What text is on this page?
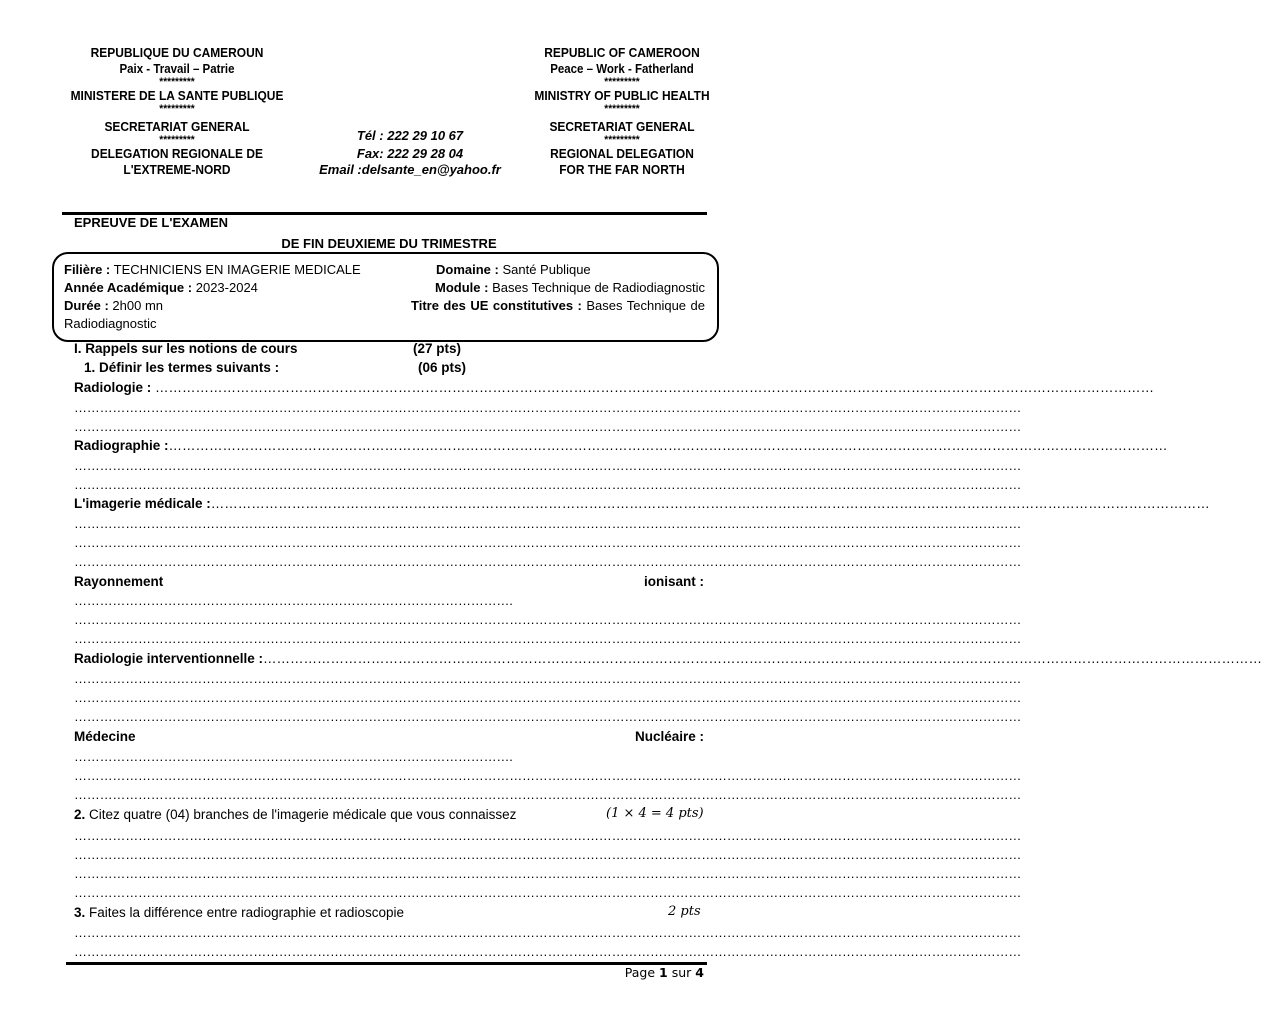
REPUBLIQUE DU CAMEROUN
Paix - Travail – Patrie
*********
MINISTERE DE LA SANTE PUBLIQUE
*********
SECRETARIAT GENERAL
*********
DELEGATION REGIONALE DE
L'EXTREME-NORD
Tél : 222 29 10 67
Fax: 222 29 28 04
Email :delsante_en@yahoo.fr
REPUBLIC OF CAMEROON
Peace – Work - Fatherland
*********
MINISTRY OF PUBLIC HEALTH
*********
SECRETARIAT GENERAL
*********
REGIONAL DELEGATION
FOR THE FAR NORTH
EPREUVE DE L'EXAMEN
DE FIN DEUXIEME DU TRIMESTRE
Filière : TECHNICIENS EN IMAGERIE MEDICALE	Domaine : Santé Publique
Année Académique : 2023-2024	Module : Bases Technique de Radiodiagnostic
Durée : 2h00 mn	Titre des UE constitutives : Bases Technique de
Radiodiagnostic
I. Rappels sur les notions de cours	(27 pts)
1. Définir les termes suivants :	(06 pts)
Radiologie : ……………………………………………………………………………………………………………………………………………………………………………………………………
……………………………………………………………………………………………………………………………………………………………………………………………………
……………………………………………………………………………………………………………………………………………………………………………………………………
Radiographie :……………………………………………………………………………………………………………………………………………………………………………………………………
……………………………………………………………………………………………………………………………………………………………………………………………………
……………………………………………………………………………………………………………………………………………………………………………………………………
L'imagerie médicale :……………………………………………………………………………………………………………………………………………………………………………………………………
……………………………………………………………………………………………………………………………………………………………………………………………………
……………………………………………………………………………………………………………………………………………………………………………………………………
……………………………………………………………………………………………………………………………………………………………………………………………………
Rayonnement	ionisant :
………………………………………………………………………………………….
……………………………………………………………………………………………………………………………………………………………………………………………………
……………………………………………………………………………………………………………………………………………………………………………………………………
Radiologie interventionnelle :……………………………………………………………………………………………………………………………………………………………………………………………………
……………………………………………………………………………………………………………………………………………………………………………………………………
……………………………………………………………………………………………………………………………………………………………………………………………………
……………………………………………………………………………………………………………………………………………………………………………………………………
Médecine	Nucléaire :
………………………………………………………………………………………….
……………………………………………………………………………………………………………………………………………………………………………………………………
……………………………………………………………………………………………………………………………………………………………………………………………………
2. Citez quatre (04) branches de l'imagerie médicale que vous connaissez	(1 × 4 = 4 pts)
……………………………………………………………………………………………………………………………………………………………………………………………………
……………………………………………………………………………………………………………………………………………………………………………………………………
……………………………………………………………………………………………………………………………………………………………………………………………………
……………………………………………………………………………………………………………………………………………………………………………………………………
3. Faites la différence entre radiographie et radioscopie	2 pts
……………………………………………………………………………………………………………………………………………………………………………………………………
……………………………………………………………………………………………………………………………………………………………………………………………………
Page 1 sur 4
